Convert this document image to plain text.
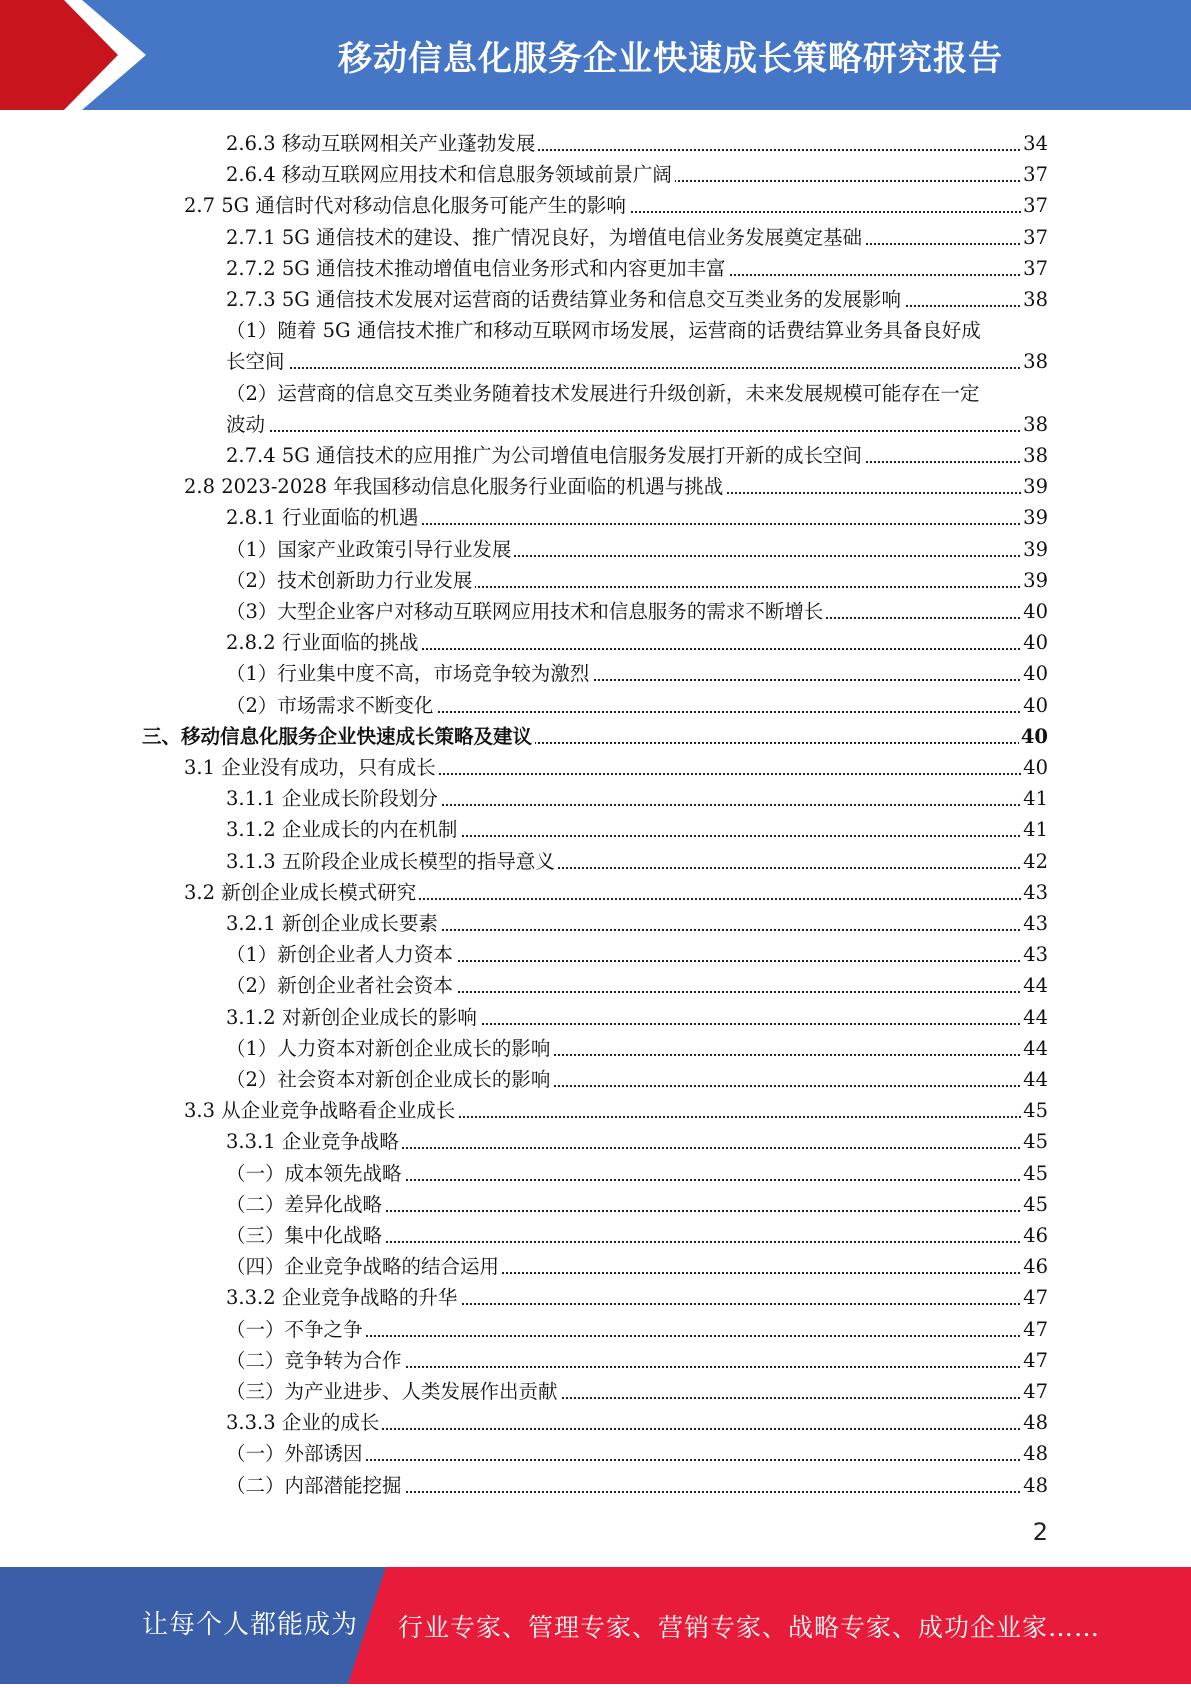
移动信息化服务企业快速成长策略研究报告
2.6.3 移动互联网相关产业蓬勃发展	34
2.6.4 移动互联网应用技术和信息服务领域前景广阔	37
2.7 5G 通信时代对移动信息化服务可能产生的影响	37
2.7.1 5G 通信技术的建设、推广情况良好，为增值电信业务发展奠定基础	37
2.7.2 5G 通信技术推动增值电信业务形式和内容更加丰富	37
2.7.3 5G 通信技术发展对运营商的话费结算业务和信息交互类业务的发展影响	38
（1）随着 5G 通信技术推广和移动互联网市场发展，运营商的话费结算业务具备良好成
长空间	38
（2）运营商的信息交互类业务随着技术发展进行升级创新，未来发展规模可能存在一定
波动	38
2.7.4 5G 通信技术的应用推广为公司增值电信服务发展打开新的成长空间	38
2.8 2023-2028 年我国移动信息化服务行业面临的机遇与挑战	39
2.8.1 行业面临的机遇	39
（1）国家产业政策引导行业发展	39
（2）技术创新助力行业发展	39
（3）大型企业客户对移动互联网应用技术和信息服务的需求不断增长	40
2.8.2 行业面临的挑战	40
（1）行业集中度不高，市场竞争较为激烈	40
（2）市场需求不断变化	40
三、移动信息化服务企业快速成长策略及建议	40
3.1 企业没有成功，只有成长	40
3.1.1 企业成长阶段划分	41
3.1.2 企业成长的内在机制	41
3.1.3 五阶段企业成长模型的指导意义	42
3.2 新创企业成长模式研究	43
3.2.1 新创企业成长要素	43
（1）新创企业者人力资本	43
（2）新创企业者社会资本	44
3.1.2 对新创企业成长的影响	44
（1）人力资本对新创企业成长的影响	44
（2）社会资本对新创企业成长的影响	44
3.3 从企业竞争战略看企业成长	45
3.3.1 企业竞争战略	45
（一）成本领先战略	45
（二）差异化战略	45
（三）集中化战略	46
（四）企业竞争战略的结合运用	46
3.3.2 企业竞争战略的升华	47
（一）不争之争	47
（二）竞争转为合作	47
（三）为产业进步、人类发展作出贡献	47
3.3.3 企业的成长	48
（一）外部诱因	48
（二）内部潜能挖掘	48
2
让每个人都能成为 行业专家、管理专家、营销专家、战略专家、成功企业家……
